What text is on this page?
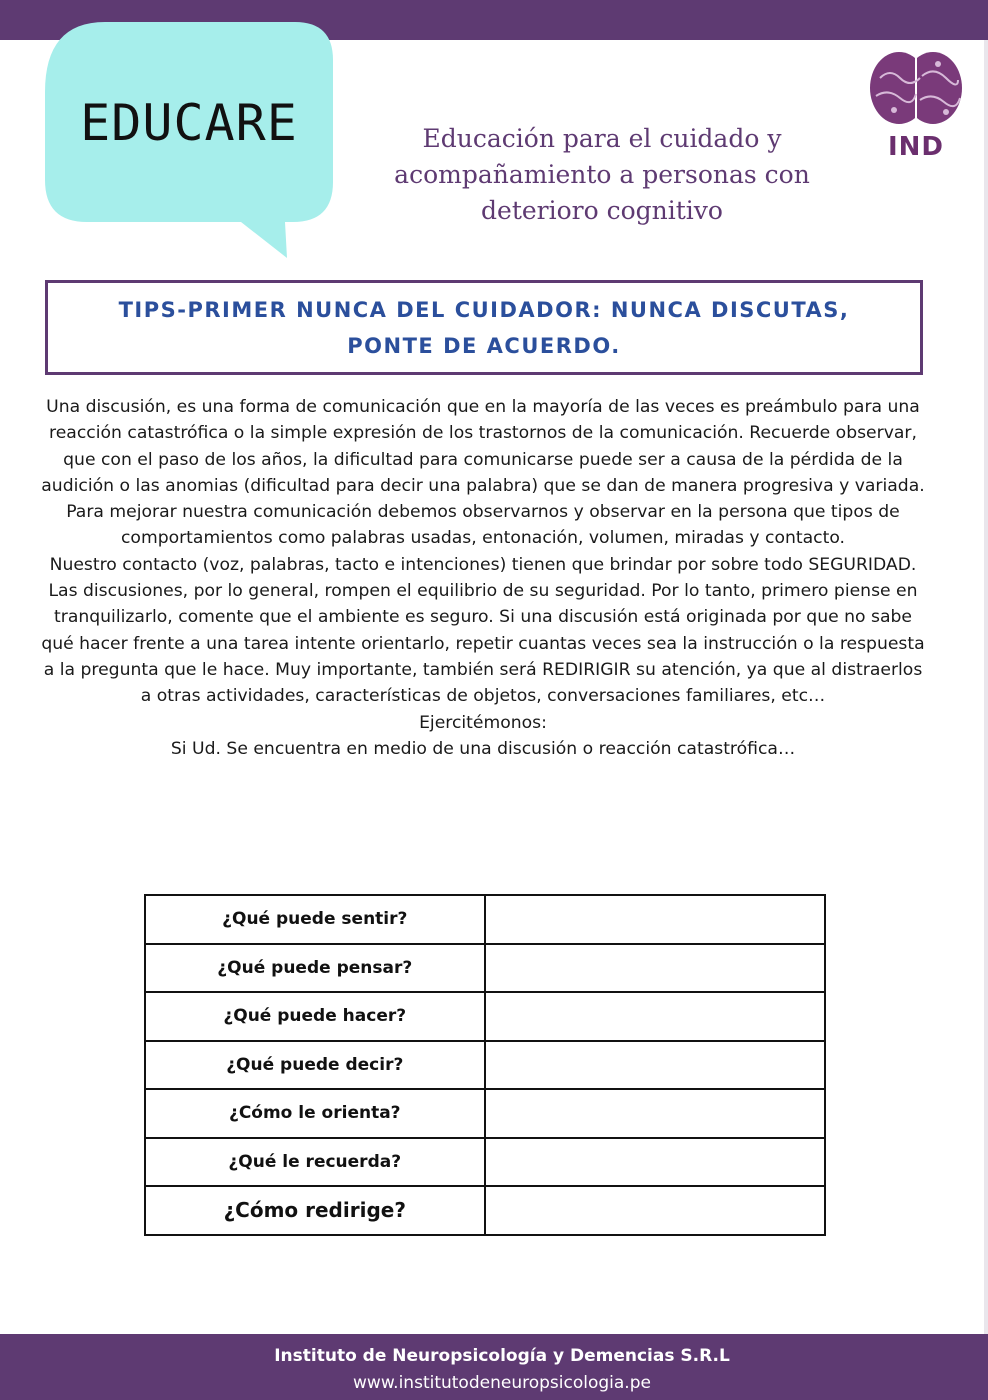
EDUCARE	Educación para el cuidado y
acompañamiento a personas con
deterioro cognitivo
IND
TIPS-PRIMER NUNCA DEL CUIDADOR: NUNCA DISCUTAS,
PONTE DE ACUERDO.

Una discusión, es una forma de comunicación que en la mayoría de las veces es preámbulo para una reacción catastrófica o la simple expresión de los trastornos de la comunicación. Recuerde observar, que con el paso de los años, la dificultad para comunicarse puede ser a causa de la pérdida de la audición o las anomias (dificultad para decir una palabra) que se dan de manera progresiva y variada.

Para mejorar nuestra comunicación debemos observarnos y observar en la persona que tipos de comportamientos como palabras usadas, entonación, volumen, miradas y contacto.

Nuestro contacto (voz, palabras, tacto e intenciones) tienen que brindar por sobre todo SEGURIDAD.

Las discusiones, por lo general, rompen el equilibrio de su seguridad. Por lo tanto, primero piense en tranquilizarlo, comente que el ambiente es seguro. Si una discusión está originada por que no sabe qué hacer frente a una tarea intente orientarlo, repetir cuantas veces sea la instrucción o la respuesta a la pregunta que le hace. Muy importante, también será REDIRIGIR su atención, ya que al distraerlos a otras actividades, características de objetos, conversaciones familiares, etc…

Ejercitémonos:

Si Ud. Se encuentra en medio de una discusión o reacción catastrófica…

¿Qué puede sentir?	
¿Qué puede pensar?	
¿Qué puede hacer?	
¿Qué puede decir?	
¿Cómo le orienta?	
¿Qué le recuerda?	
¿Cómo redirige?	
Instituto de Neuropsicología y Demencias S.R.L
www.institutodeneuropsicologia.pe
